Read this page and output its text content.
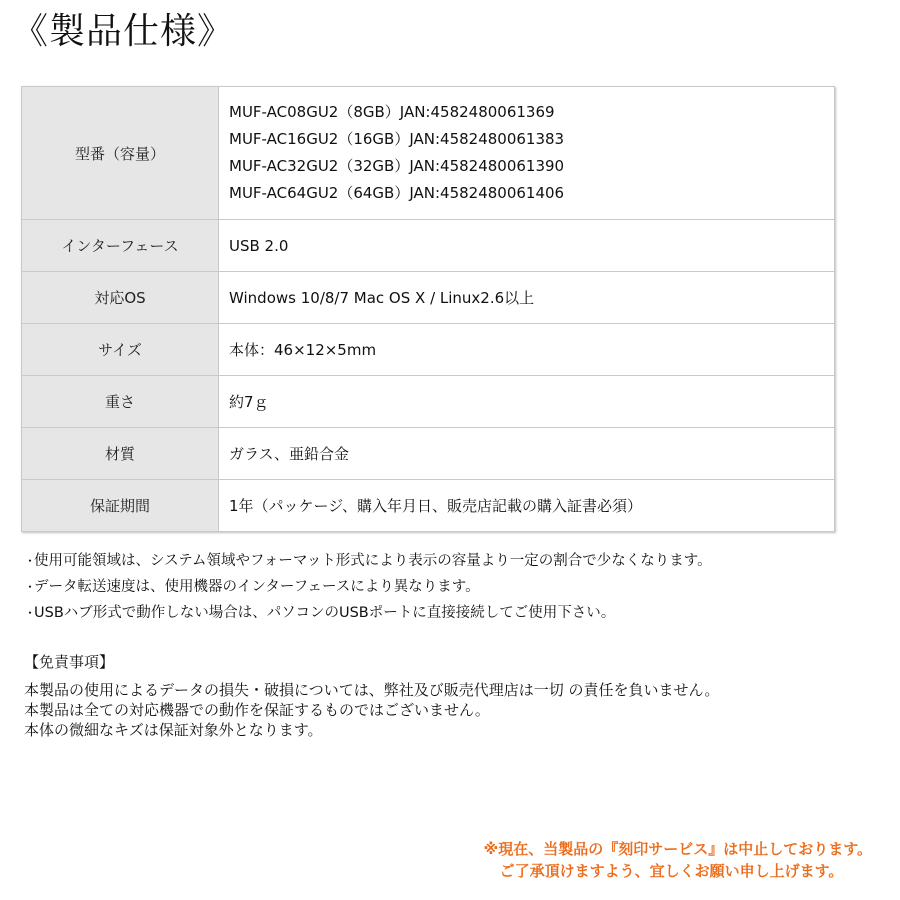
《製品仕様》
型番（容量）	MUF-AC08GU2（8GB）JAN:4582480061369
MUF-AC16GU2（16GB）JAN:4582480061383
MUF-AC32GU2（32GB）JAN:4582480061390
MUF-AC64GU2（64GB）JAN:4582480061406

インターフェース	USB 2.0
対応OS	Windows 10/8/7 Mac OS X / Linux2.6以上
サイズ	本体：46×12×5mm
重さ	約7ｇ
材質	ガラス、亜鉛合金
保証期間	1年（パッケージ、購入年月日、販売店記載の購入証書必須）
・使用可能領域は、システム領域やフォーマット形式により表示の容量より一定の割合で少なくなります。
・データ転送速度は、使用機器のインターフェースにより異なります。
・USBハブ形式で動作しない場合は、パソコンのUSBポートに直接接続してご使用下さい。
【免責事項】
本製品の使用によるデータの損失・破損については、弊社及び販売代理店は一切 の責任を負いません。
本製品は全ての対応機器での動作を保証するものではございません。
本体の微細なキズは保証対象外となります。
※現在、当製品の『刻印サービス』は中止しております。
ご了承頂けますよう、宜しくお願い申し上げます。
